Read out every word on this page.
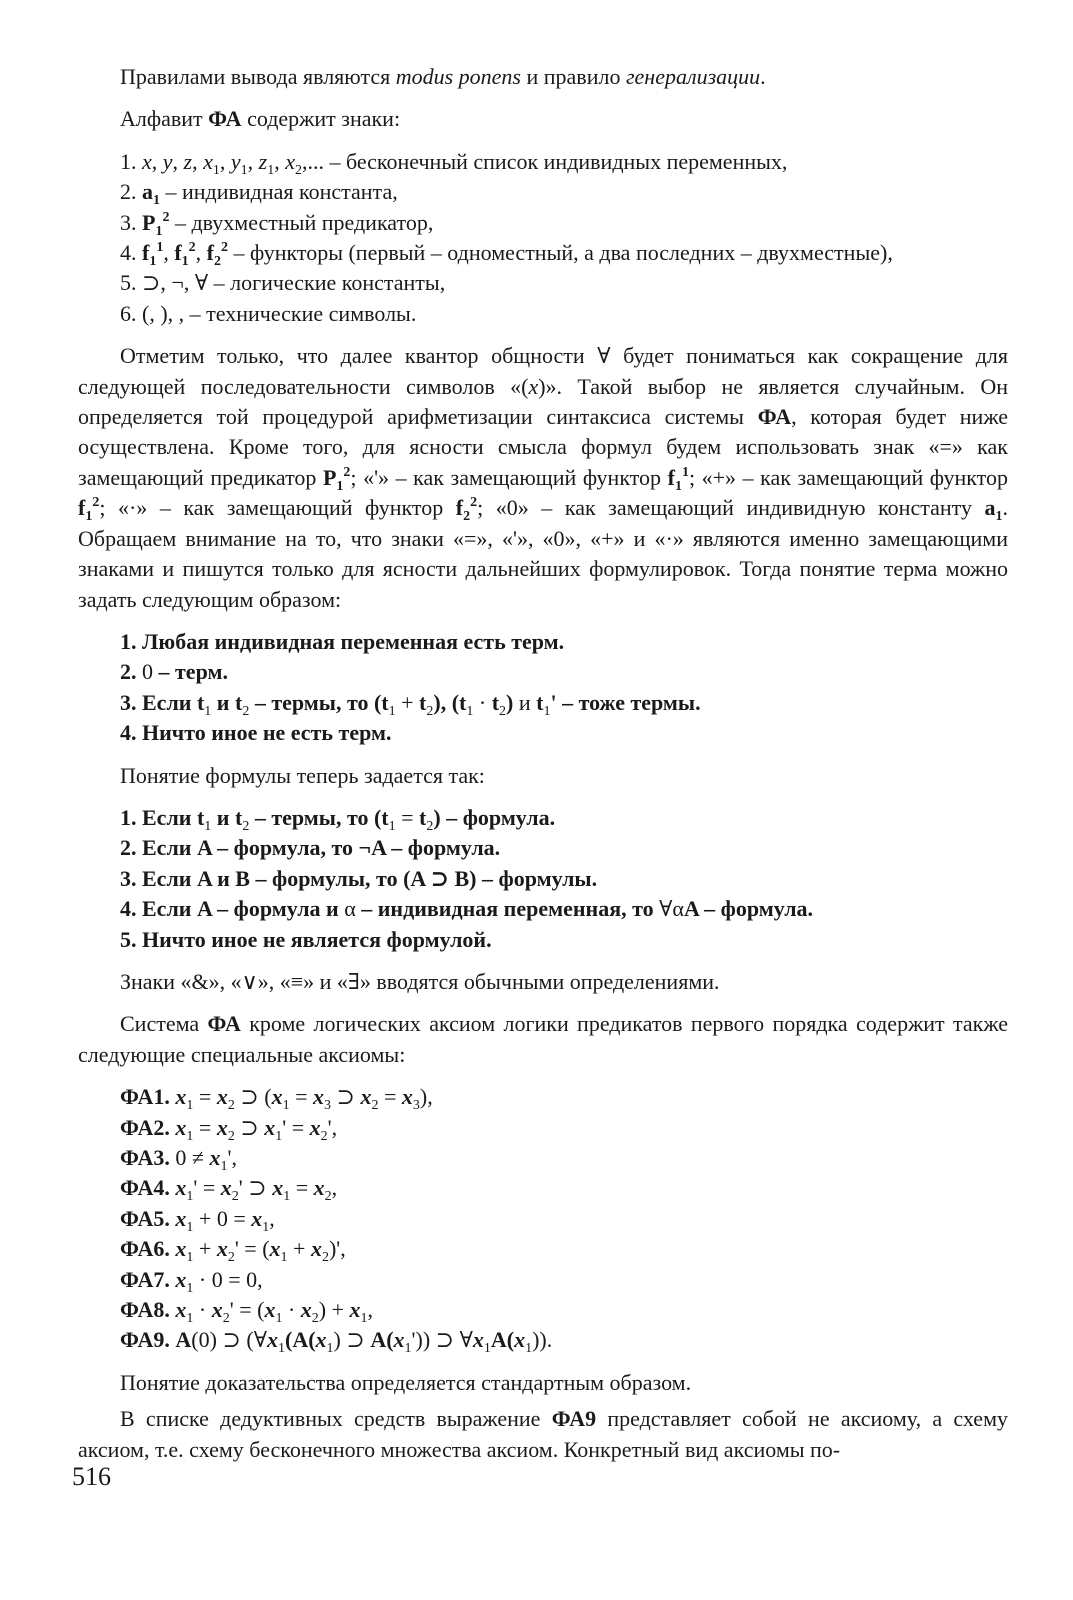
Правилами вывода являются modus ponens и правило генерализации.

Алфавит ФА содержит знаки:

1. x, y, z, $x_1$, $y_1$, $z_1$, $x_2$,... – бесконечный список индивидных переменных,

2. $a_1$ – индивидная константа,

3. $P_1^2$ – двухместный предикатор,

4. $f_1^1$, $f_1^2$, $f_2^2$ – функторы (первый – одноместный, а два последних – двухместные),

5. ⊃, ¬, ∀ – логические константы,

6. (, ), , – технические символы.

Отметим только, что далее квантор общности ∀ будет пониматься как сокращение для следующей последовательности символов «(x)». Такой выбор не является случайным. Он определяется той процедурой арифметизации синтаксиса системы ФА, которая будет ниже осуществлена. Кроме того, для ясности смысла формул будем использовать знак «=» как замещающий предикатор $P_1^2$; «'» – как замещающий функтор $f_1^1$; «+» – как замещающий функтор $f_1^2$; «·» – как замещающий функтор $f_2^2$; «0» – как замещающий индивидную константу $a_1$. Обращаем внимание на то, что знаки «=», «'», «0», «+» и «·» являются именно замещающими знаками и пишутся только для ясности дальнейших формулировок. Тогда понятие терма можно задать следующим образом:

1. Любая индивидная переменная есть терм.

2. 0 – терм.

3. Если $t_1$ и $t_2$ – термы, то $(t_1 + t_2)$, $(t_1 \cdot t_2)$ и $t_1'$ – тоже термы.

4. Ничто иное не есть терм.

Понятие формулы теперь задается так:

1. Если $t_1$ и $t_2$ – термы, то $(t_1 = t_2)$ – формула.

2. Если A – формула, то ¬A – формула.

3. Если A и B – формулы, то (A ⊃ B) – формулы.

4. Если A – формула и α – индивидная переменная, то ∀αA – формула.

5. Ничто иное не является формулой.

Знаки «&», «∨», «≡» и «∃» вводятся обычными определениями.

Система ФА кроме логических аксиом логики предикатов первого порядка содержит также следующие специальные аксиомы:

ФА1. $x_1 = x_2$ ⊃ ($x_1 = x_3$ ⊃ $x_2 = x_3$),

ФА2. $x_1 = x_2$ ⊃ $x_1' = x_2'$,

ФА3. $0 \ne x_1'$,

ФА4. $x_1' = x_2'$ ⊃ $x_1 = x_2$,

ФА5. $x_1 + 0 = x_1$,

ФА6. $x_1 + x_2' = (x_1 + x_2)'$,

ФА7. $x_1 \cdot 0 = 0$,

ФА8. $x_1 \cdot x_2' = (x_1 \cdot x_2) + x_1$,

ФА9. A(0) ⊃ ($\forall x_1(A(x_1)$ ⊃ $A(x_1')$) ⊃ $\forall x_1A(x_1)$).

Понятие доказательства определяется стандартным образом.

В списке дедуктивных средств выражение ФА9 представляет собой не аксиому, а схему аксиом, т.е. схему бесконечного множества аксиом. Конкретный вид аксиомы по-

516
